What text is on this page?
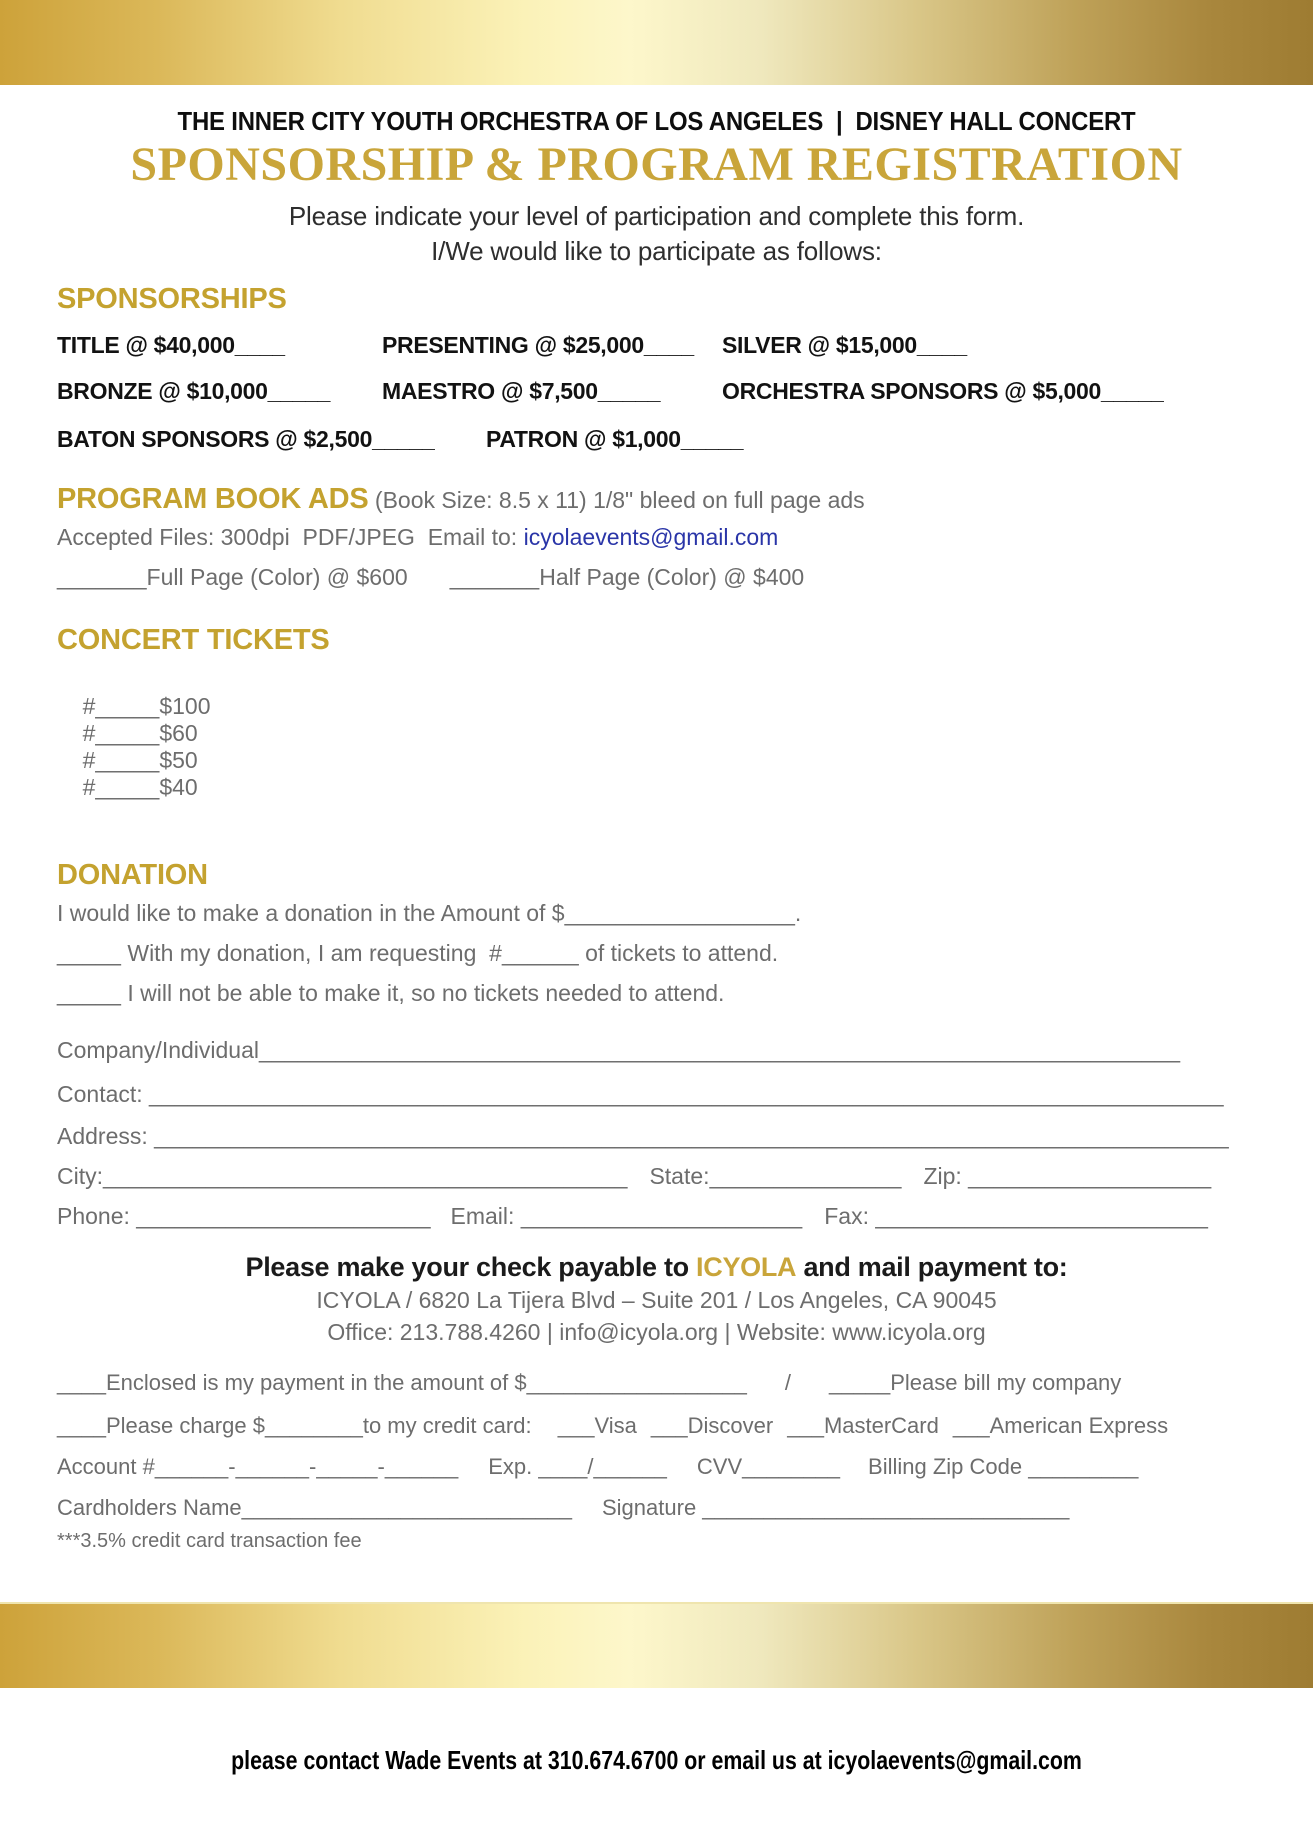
THE INNER CITY YOUTH ORCHESTRA OF LOS ANGELES  |  DISNEY HALL CONCERT
SPONSORSHIP & PROGRAM REGISTRATION
Please indicate your level of participation and complete this form.
I/We would like to participate as follows:
SPONSORSHIPS
TITLE @ $40,000____	PRESENTING @ $25,000____	SILVER @ $15,000____
BRONZE @ $10,000_____	MAESTRO @ $7,500_____	ORCHESTRA SPONSORS @ $5,000_____
BATON SPONSORS @ $2,500_____	PATRON @ $1,000_____
PROGRAM BOOK ADS (Book Size: 8.5 x 11) 1/8" bleed on full page ads
Accepted Files: 300dpi  PDF/JPEG  Email to: icyolaevents@gmail.com
_______Full Page (Color) @ $600 _______Half Page (Color) @ $400
CONCERT TICKETS

#_____$100
#_____$60
#_____$50
#_____$40

DONATION
I would like to make a donation in the Amount of $__________________.
_____ With my donation, I am requesting  #______ of tickets to attend.
_____ I will not be able to make it, so no tickets needed to attend.
Company/Individual________________________________________________________________________
Contact: ____________________________________________________________________________________
Address: ____________________________________________________________________________________
City:_________________________________________ State:_______________ Zip: ___________________
Phone: _______________________ Email: ______________________ Fax: __________________________
Please make your check payable to ICYOLA and mail payment to:
ICYOLA / 6820 La Tijera Blvd – Suite 201 / Los Angeles, CA 90045
Office: 213.788.4260 | info@icyola.org | Website: www.icyola.org
____Enclosed is my payment in the amount of $__________________ / _____Please bill my company
____Please charge $________to my credit card:  ___Visa ___Discover ___MasterCard ___American Express
Account #______-______-_____-______ Exp. ____/______ CVV________ Billing Zip Code _________
Cardholders Name___________________________ Signature ______________________________
***3.5% credit card transaction fee

please contact Wade Events at 310.674.6700 or email us at icyolaevents@gmail.com
